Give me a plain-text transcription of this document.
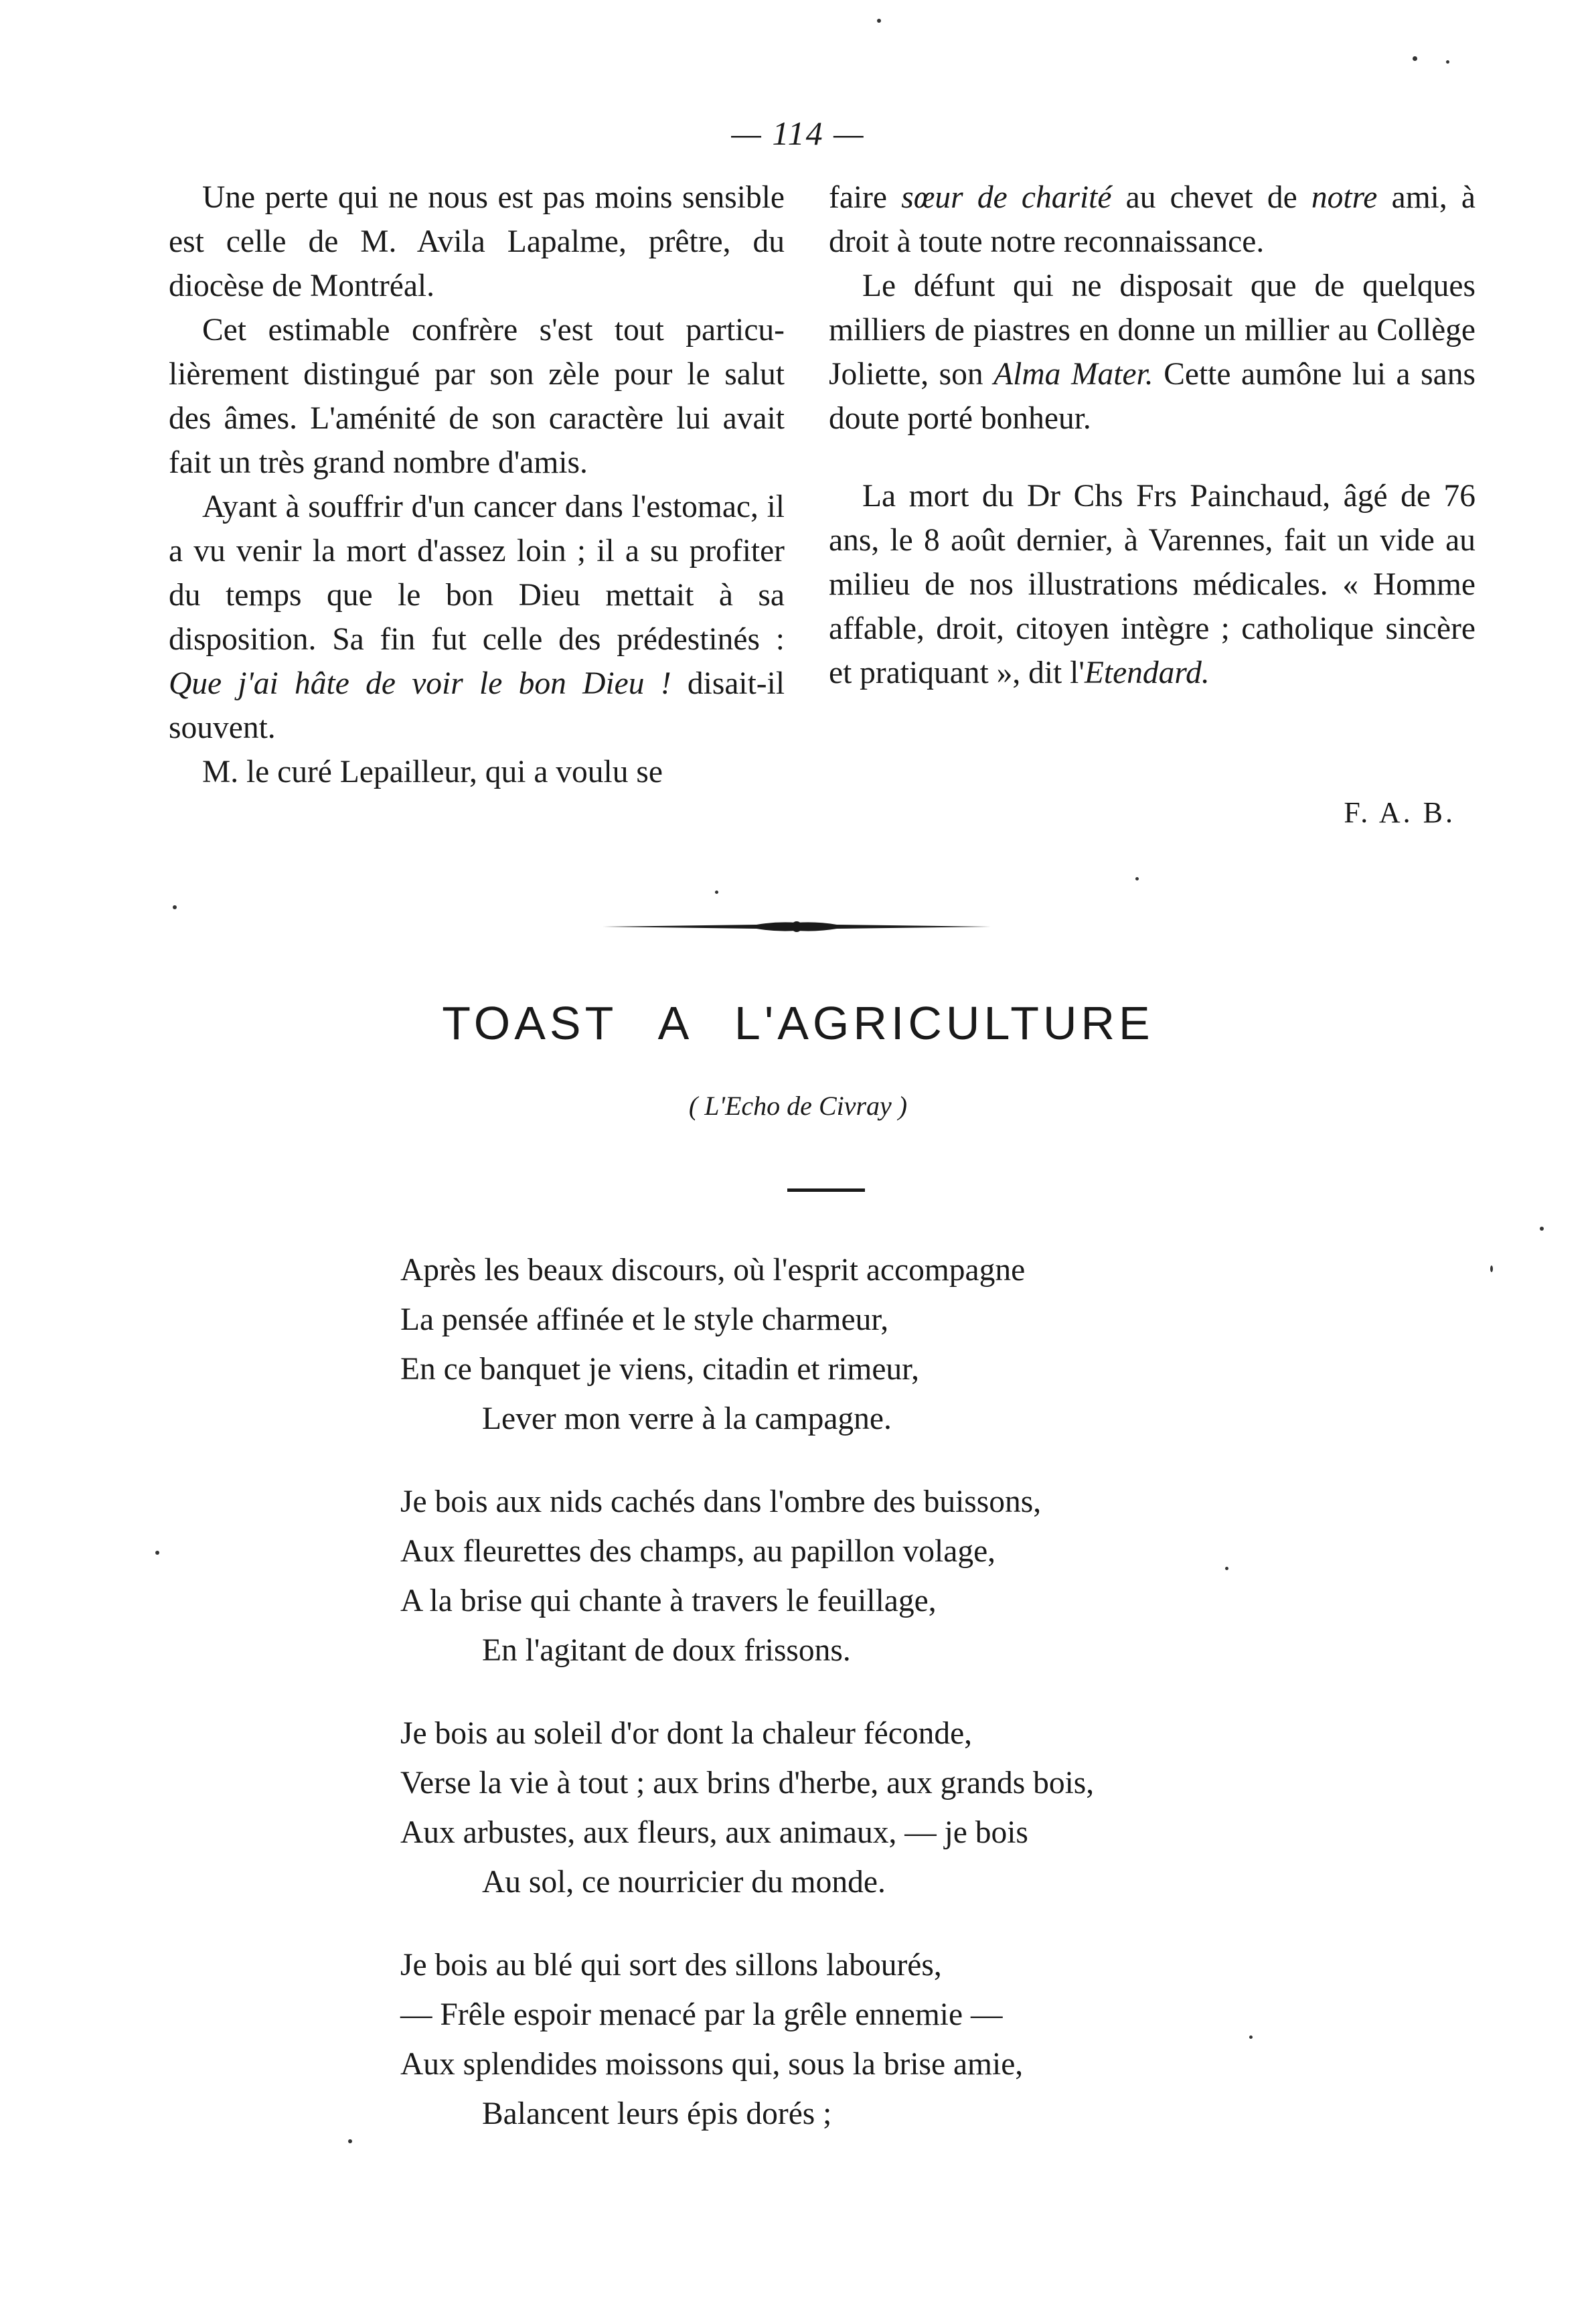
— 114 —

Une perte qui ne nous est pas moins sensible est celle de M. Avila Lapalme, prêtre, du diocèse de Montréal.

Cet estimable confrère s'est tout particulièrement distingué par son zèle pour le salut des âmes. L'aménité de son caractère lui avait fait un très grand nombre d'amis.

Ayant à souffrir d'un cancer dans l'estomac, il a vu venir la mort d'assez loin ; il a su profiter du temps que le bon Dieu mettait à sa disposition. Sa fin fut celle des prédestinés : Que j'ai hâte de voir le bon Dieu ! disait-il souvent.

M. le curé Lepailleur, qui a voulu se

faire sœur de charité au chevet de notre ami, à droit à toute notre reconnaissance.

Le défunt qui ne disposait que de quelques milliers de piastres en donne un millier au Collège Joliette, son Alma Mater. Cette aumône lui a sans doute porté bonheur.

La mort du Dr Chs Frs Painchaud, âgé de 76 ans, le 8 août dernier, à Varennes, fait un vide au milieu de nos illustrations médicales. « Homme affable, droit, citoyen intègre ; catholique sincère et pratiquant », dit l'Etendard.

F. A. B.
TOAST A L'AGRICULTURE
( L'Echo de Civray )
Après les beaux discours, où l'esprit accompagne
La pensée affinée et le style charmeur,
En ce banquet je viens, citadin et rimeur,
Lever mon verre à la campagne.
Je bois aux nids cachés dans l'ombre des buissons,
Aux fleurettes des champs, au papillon volage,
A la brise qui chante à travers le feuillage,
En l'agitant de doux frissons.
Je bois au soleil d'or dont la chaleur féconde,
Verse la vie à tout ; aux brins d'herbe, aux grands bois,
Aux arbustes, aux fleurs, aux animaux, — je bois
Au sol, ce nourricier du monde.
Je bois au blé qui sort des sillons labourés,
— Frêle espoir menacé par la grêle ennemie —
Aux splendides moissons qui, sous la brise amie,
Balancent leurs épis dorés ;
